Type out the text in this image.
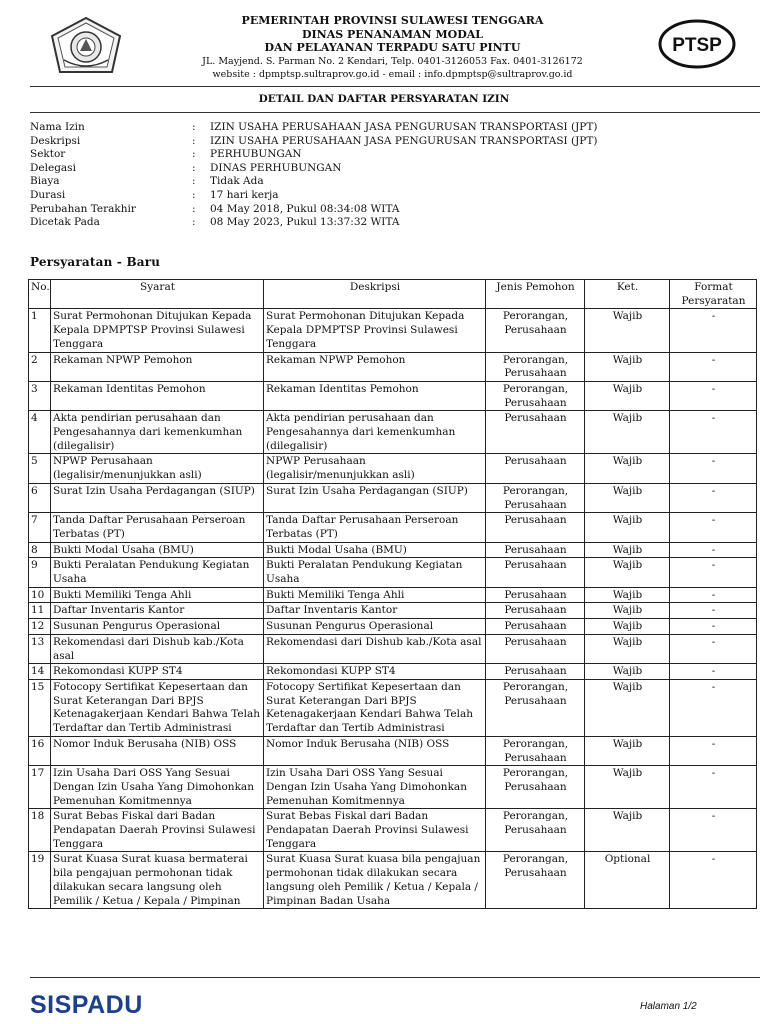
PEMERINTAH PROVINSI SULAWESI TENGGARA
DINAS PENANAMAN MODAL
DAN PELAYANAN TERPADU SATU PINTU
JL. Mayjend. S. Parman No. 2 Kendari, Telp. 0401-3126053 Fax. 0401-3126172
website : dpmptsp.sultraprov.go.id - email : info.dpmptsp@sultraprov.go.id
PTSP
DETAIL DAN DAFTAR PERSYARATAN IZIN
Nama Izin	: IZIN USAHA PERUSAHAAN JASA PENGURUSAN TRANSPORTASI (JPT)
Deskripsi	: IZIN USAHA PERUSAHAAN JASA PENGURUSAN TRANSPORTASI (JPT)
Sektor	: PERHUBUNGAN
Delegasi	: DINAS PERHUBUNGAN
Biaya	: Tidak Ada
Durasi	: 17 hari kerja
Perubahan Terakhir	: 04 May 2018, Pukul 08:34:08 WITA
Dicetak Pada	: 08 May 2023, Pukul 13:37:32 WITA
Persyaratan - Baru
No.	Syarat	Deskripsi	Jenis Pemohon	Ket.	Format Persyaratan
1	Surat Permohonan Ditujukan Kepada Kepala DPMPTSP Provinsi Sulawesi Tenggara	Surat Permohonan Ditujukan Kepada Kepala DPMPTSP Provinsi Sulawesi Tenggara	Perorangan, Perusahaan	Wajib	-
2	Rekaman NPWP Pemohon	Rekaman NPWP Pemohon	Perorangan, Perusahaan	Wajib	-
3	Rekaman Identitas Pemohon	Rekaman Identitas Pemohon	Perorangan, Perusahaan	Wajib	-
4	Akta pendirian perusahaan dan Pengesahannya dari kemenkumhan (dilegalisir)	Akta pendirian perusahaan dan Pengesahannya dari kemenkumhan (dilegalisir)	Perusahaan	Wajib	-
5	NPWP Perusahaan (legalisir/menunjukkan asli)	NPWP Perusahaan (legalisir/menunjukkan asli)	Perusahaan	Wajib	-
6	Surat Izin Usaha Perdagangan (SIUP)	Surat Izin Usaha Perdagangan (SIUP)	Perorangan, Perusahaan	Wajib	-
7	Tanda Daftar Perusahaan Perseroan Terbatas (PT)	Tanda Daftar Perusahaan Perseroan Terbatas (PT)	Perusahaan	Wajib	-
8	Bukti Modal Usaha (BMU)	Bukti Modal Usaha (BMU)	Perusahaan	Wajib	-
9	Bukti Peralatan Pendukung Kegiatan Usaha	Bukti Peralatan Pendukung Kegiatan Usaha	Perusahaan	Wajib	-
10	Bukti Memiliki Tenga Ahli	Bukti Memiliki Tenga Ahli	Perusahaan	Wajib	-
11	Daftar Inventaris Kantor	Daftar Inventaris Kantor	Perusahaan	Wajib	-
12	Susunan Pengurus Operasional	Susunan Pengurus Operasional	Perusahaan	Wajib	-
13	Rekomendasi dari Dishub kab./Kota asal	Rekomendasi dari Dishub kab./Kota asal	Perusahaan	Wajib	-
14	Rekomondasi KUPP ST4	Rekomondasi KUPP ST4	Perusahaan	Wajib	-
15	Fotocopy Sertifikat Kepesertaan dan Surat Keterangan Dari BPJS Ketenagakerjaan Kendari Bahwa Telah Terdaftar dan Tertib Administrasi	Fotocopy Sertifikat Kepesertaan dan Surat Keterangan Dari BPJS Ketenagakerjaan Kendari Bahwa Telah Terdaftar dan Tertib Administrasi	Perorangan, Perusahaan	Wajib	-
16	Nomor Induk Berusaha (NIB) OSS	Nomor Induk Berusaha (NIB) OSS	Perorangan, Perusahaan	Wajib	-
17	Izin Usaha Dari OSS Yang Sesuai Dengan Izin Usaha Yang Dimohonkan Pemenuhan Komitmennya	Izin Usaha Dari OSS Yang Sesuai Dengan Izin Usaha Yang Dimohonkan Pemenuhan Komitmennya	Perorangan, Perusahaan	Wajib	-
18	Surat Bebas Fiskal dari Badan Pendapatan Daerah Provinsi Sulawesi Tenggara	Surat Bebas Fiskal dari Badan Pendapatan Daerah Provinsi Sulawesi Tenggara	Perorangan, Perusahaan	Wajib	-
19	Surat Kuasa Surat kuasa bermaterai bila pengajuan permohonan tidak dilakukan secara langsung oleh Pemilik / Ketua / Kepala / Pimpinan	Surat Kuasa Surat kuasa bila pengajuan permohonan tidak dilakukan secara langsung oleh Pemilik / Ketua / Kepala / Pimpinan Badan Usaha	Perorangan, Perusahaan	Optional	-
SISPADU	Halaman 1/2
